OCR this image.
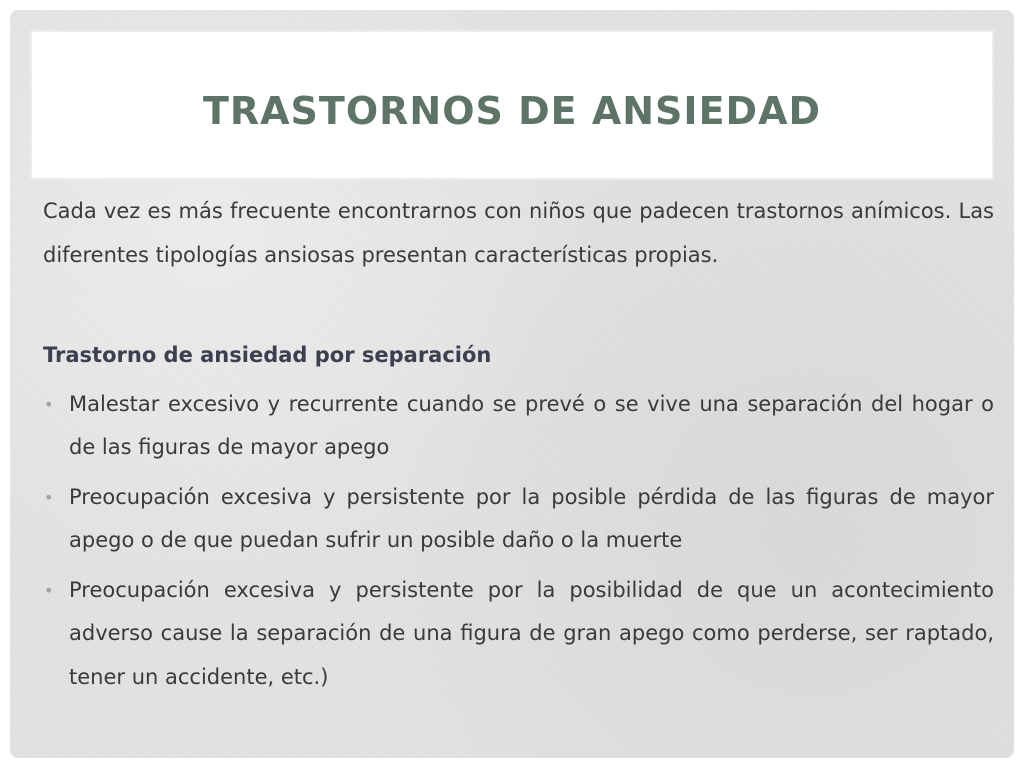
TRASTORNOS DE ANSIEDAD

Cada vez es más frecuente encontrarnos con niños que padecen trastornos anímicos. Las diferentes tipologías ansiosas presentan características propias.

Trastorno de ansiedad por separación

• Malestar excesivo y recurrente cuando se prevé o se vive una separación del hogar o de las figuras de mayor apego
• Preocupación excesiva y persistente por la posible pérdida de las figuras de mayor apego o de que puedan sufrir un posible daño o la muerte
• Preocupación excesiva y persistente por la posibilidad de que un acontecimiento adverso cause la separación de una figura de gran apego como perderse, ser raptado, tener un accidente, etc.)
